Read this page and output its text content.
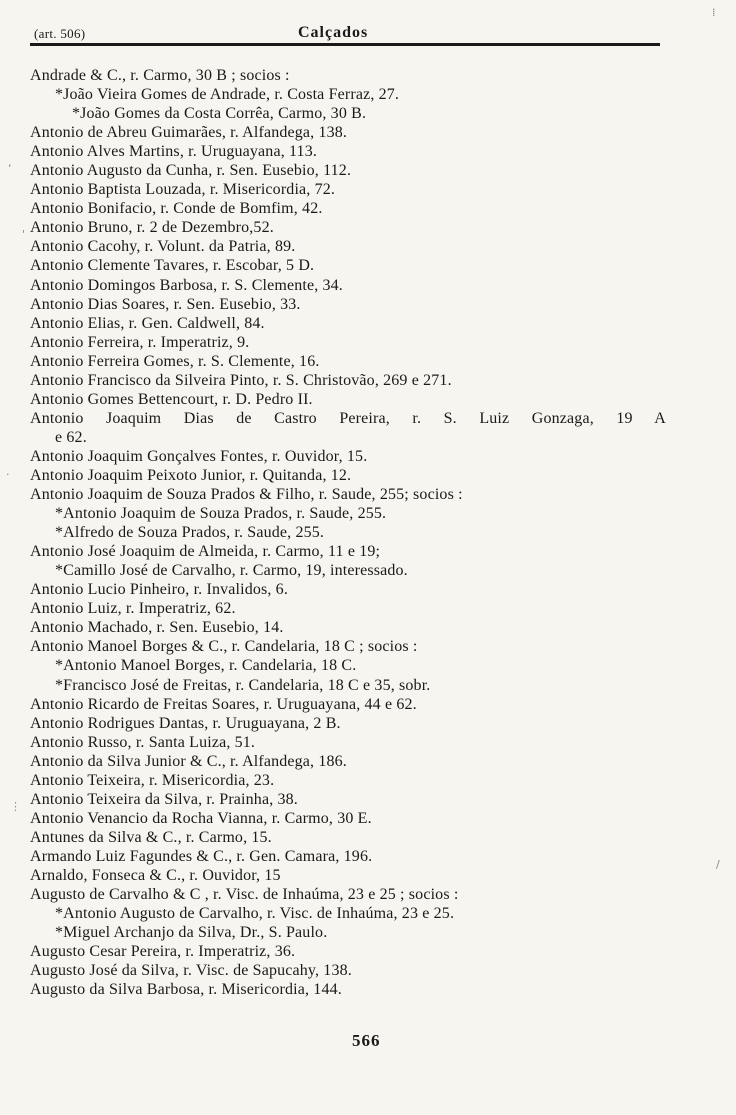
(art. 506)	Calçados
Andrade & C., r. Carmo, 30 B ; socios :
*João Vieira Gomes de Andrade, r. Costa Ferraz, 27.
*João Gomes da Costa Corrêa, Carmo, 30 B.
Antonio de Abreu Guimarães, r. Alfandega, 138.
Antonio Alves Martins, r. Uruguayana, 113.
Antonio Augusto da Cunha, r. Sen. Eusebio, 112.
Antonio Baptista Louzada, r. Misericordia, 72.
Antonio Bonifacio, r. Conde de Bomfim, 42.
Antonio Bruno, r. 2 de Dezembro,52.
Antonio Cacohy, r. Volunt. da Patria, 89.
Antonio Clemente Tavares, r. Escobar, 5 D.
Antonio Domingos Barbosa, r. S. Clemente, 34.
Antonio Dias Soares, r. Sen. Eusebio, 33.
Antonio Elias, r. Gen. Caldwell, 84.
Antonio Ferreira, r. Imperatriz, 9.
Antonio Ferreira Gomes, r. S. Clemente, 16.
Antonio Francisco da Silveira Pinto, r. S. Christovão, 269 e 271.
Antonio Gomes Bettencourt, r. D. Pedro II.
Antonio Joaquim Dias de Castro Pereira, r. S. Luiz Gonzaga, 19 A
e 62.
Antonio Joaquim Gonçalves Fontes, r. Ouvidor, 15.
Antonio Joaquim Peixoto Junior, r. Quitanda, 12.
Antonio Joaquim de Souza Prados & Filho, r. Saude, 255; socios :
*Antonio Joaquim de Souza Prados, r. Saude, 255.
*Alfredo de Souza Prados, r. Saude, 255.
Antonio José Joaquim de Almeida, r. Carmo, 11 e 19;
*Camillo José de Carvalho, r. Carmo, 19, interessado.
Antonio Lucio Pinheiro, r. Invalidos, 6.
Antonio Luiz, r. Imperatriz, 62.
Antonio Machado, r. Sen. Eusebio, 14.
Antonio Manoel Borges & C., r. Candelaria, 18 C ; socios :
*Antonio Manoel Borges, r. Candelaria, 18 C.
*Francisco José de Freitas, r. Candelaria, 18 C e 35, sobr.
Antonio Ricardo de Freitas Soares, r. Uruguayana, 44 e 62.
Antonio Rodrigues Dantas, r. Uruguayana, 2 B.
Antonio Russo, r. Santa Luiza, 51.
Antonio da Silva Junior & C., r. Alfandega, 186.
Antonio Teixeira, r. Misericordia, 23.
Antonio Teixeira da Silva, r. Prainha, 38.
Antonio Venancio da Rocha Vianna, r. Carmo, 30 E.
Antunes da Silva & C., r. Carmo, 15.
Armando Luiz Fagundes & C., r. Gen. Camara, 196.
Arnaldo, Fonseca & C., r. Ouvidor, 15
Augusto de Carvalho & C , r. Visc. de Inhaúma, 23 e 25 ; socios :
*Antonio Augusto de Carvalho, r. Visc. de Inhaúma, 23 e 25.
*Miguel Archanjo da Silva, Dr., S. Paulo.
Augusto Cesar Pereira, r. Imperatriz, 36.
Augusto José da Silva, r. Visc. de Sapucahy, 138.
Augusto da Silva Barbosa, r. Misericordia, 144.
566
,
'
·
⋮
/
⁞
